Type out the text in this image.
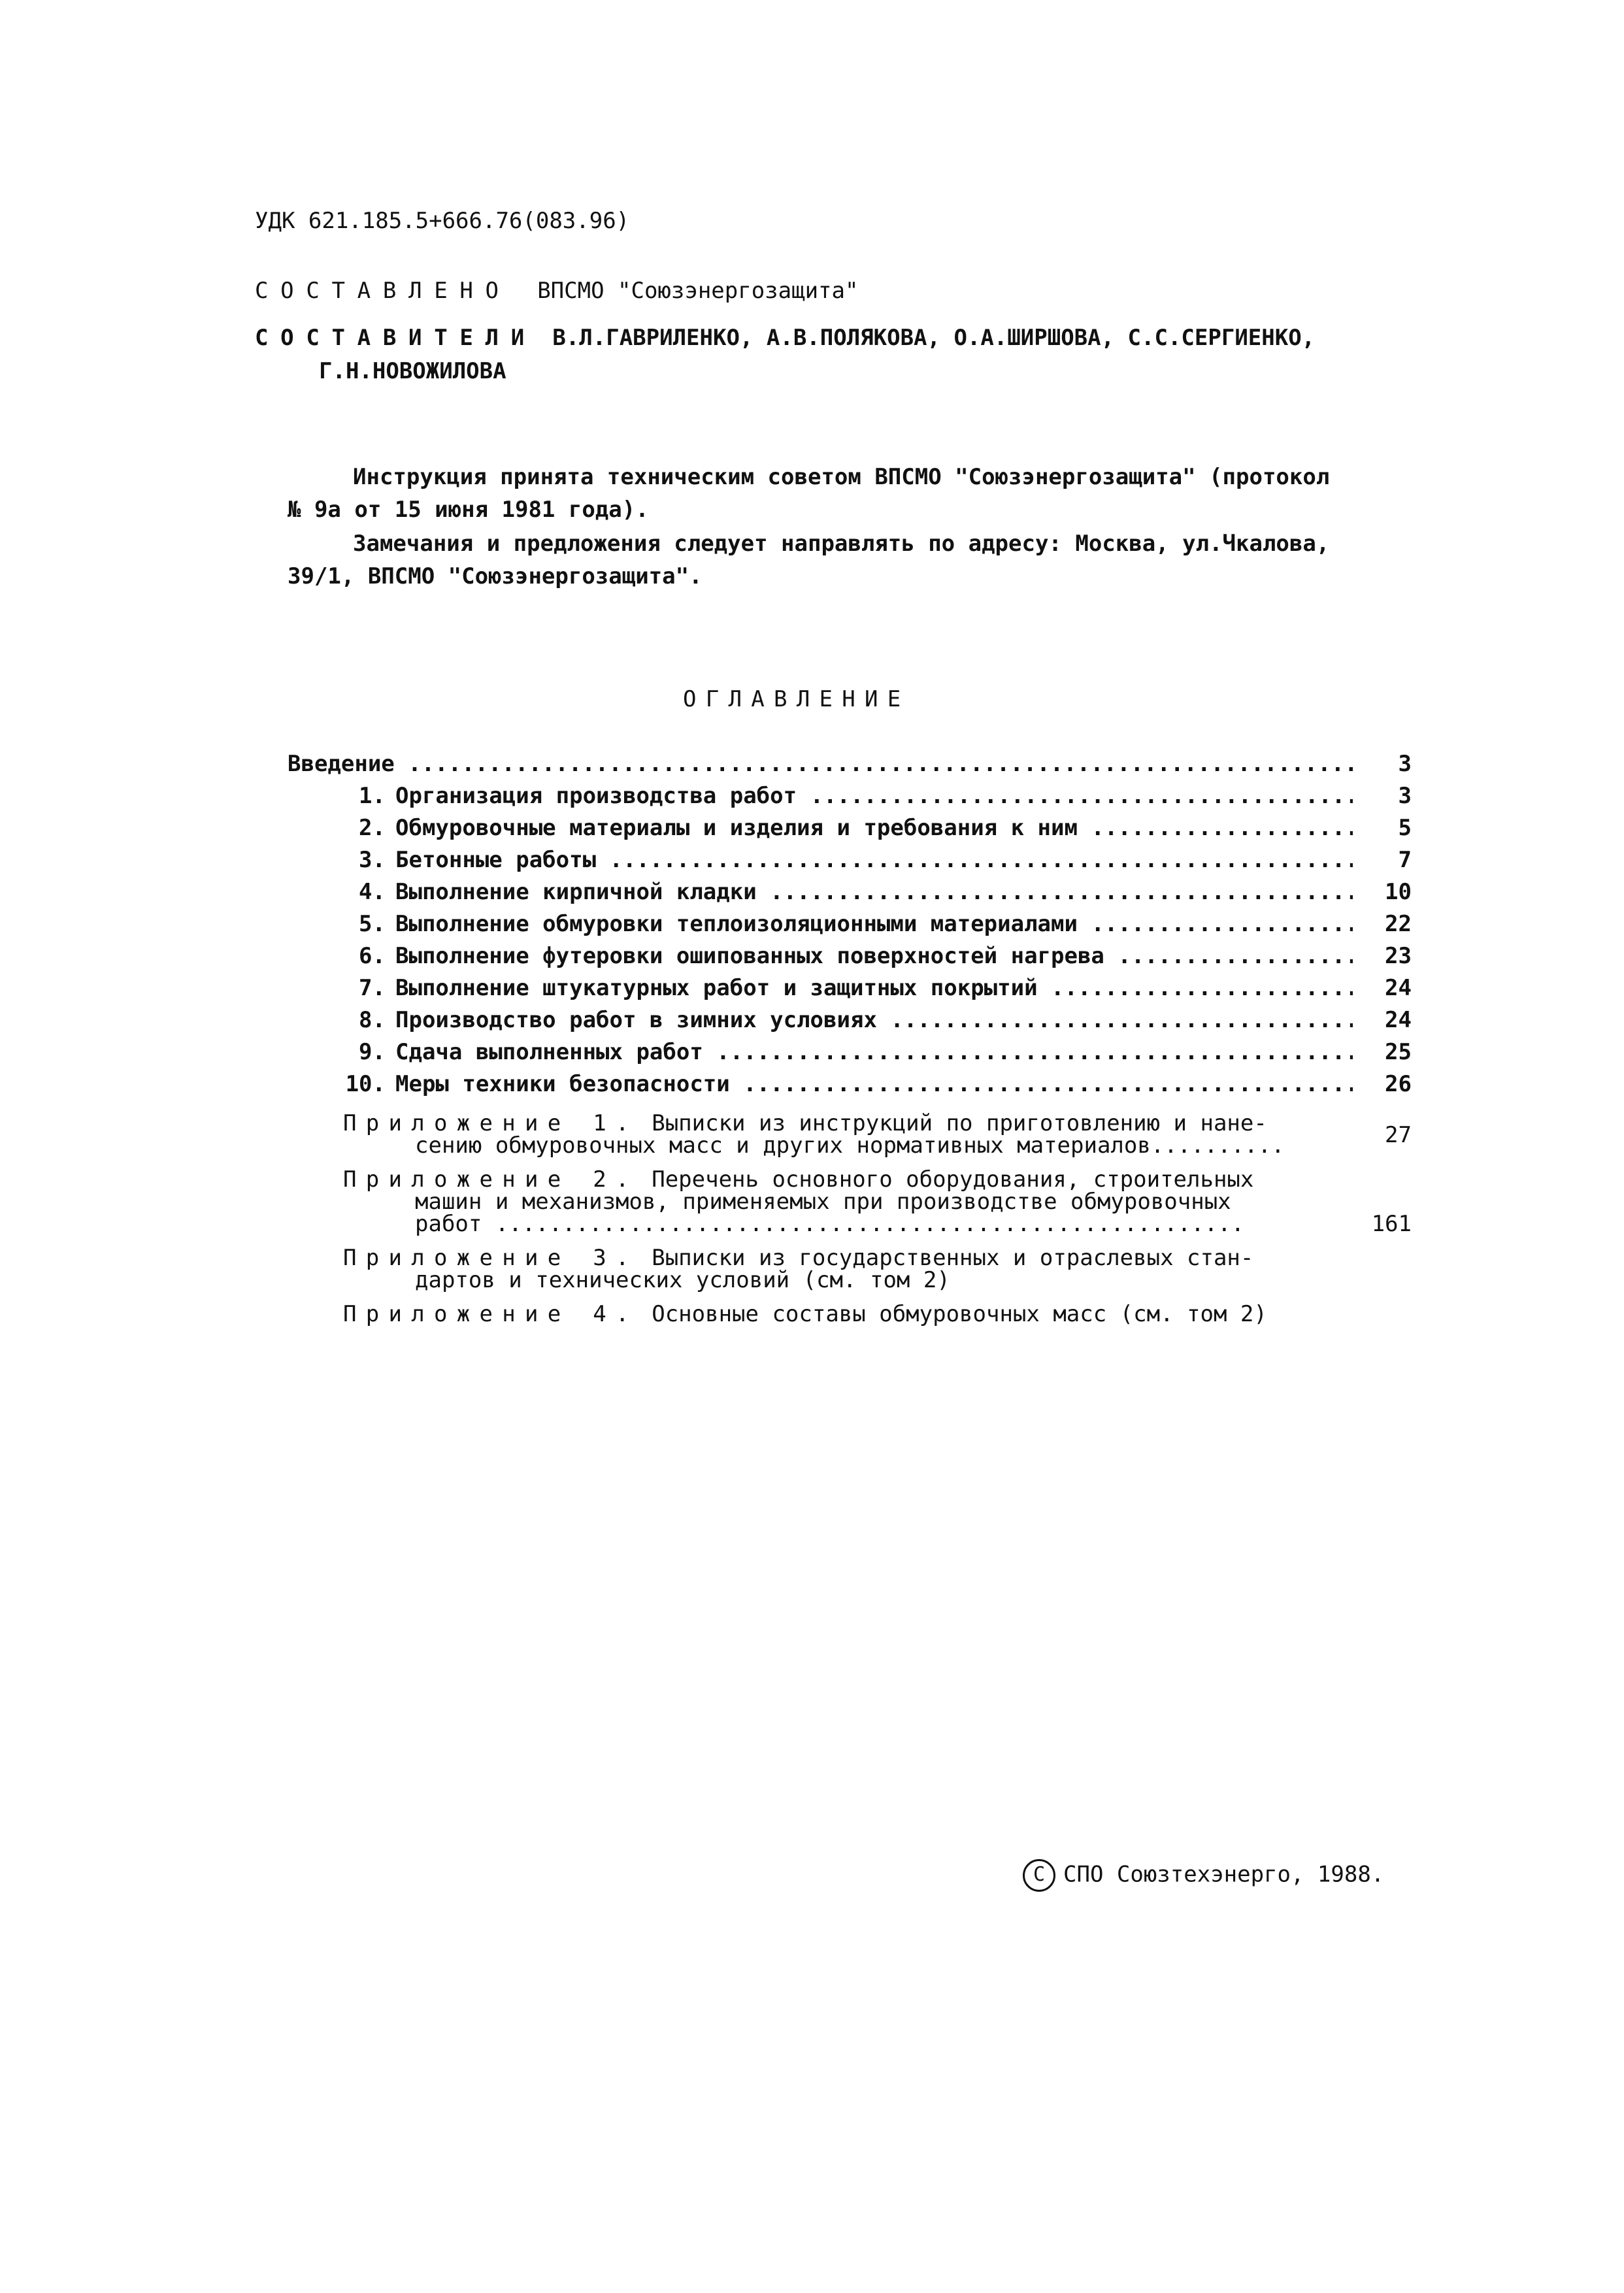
УДК 621.185.5+666.76(083.96)
СОСТАВЛЕНО ВПСМО "Союзэнергозащита"
СОСТАВИТЕЛИ В.Л.ГАВРИЛЕНКО, А.В.ПОЛЯКОВА, О.А.ШИРШОВА, С.С.СЕРГИЕНКО,
Г.Н.НОВОЖИЛОВА
Инструкция принята техническим советом ВПСМО "Союзэнергозащита" (протокол
№ 9а от 15 июня 1981 года).
Замечания и предложения следует направлять по адресу: Москва, ул.Чкалова,
39/1, ВПСМО "Союзэнергозащита".
ОГЛАВЛЕНИЕ
Введение .....	3
1. Организация производства работ .....	3
2. Обмуровочные материалы и изделия и требования к ним .....	5
3. Бетонные работы .....	7
4. Выполнение кирпичной кладки .....	10
5. Выполнение обмуровки теплоизоляционными материалами .....	22
6. Выполнение футеровки ошипованных поверхностей нагрева .....	23
7. Выполнение штукатурных работ и защитных покрытий .....	24
8. Производство работ в зимних условиях .....	24
9. Сдача выполненных работ .....	25
10. Меры техники безопасности .....	26
Приложение 1. Выписки из инструкций по приготовлению и нане-
сению обмуровочных масс и других нормативных материалов..........	27
Приложение 2. Перечень основного оборудования, строительных
машин и механизмов, применяемых при производстве обмуровочных
работ ........................................................	161
Приложение 3. Выписки из государственных и отраслевых стан-
дартов и технических условий (см. том 2)
Приложение 4. Основные составы обмуровочных масс (см. том 2)
С СПО Союзтехэнерго, 1988.
